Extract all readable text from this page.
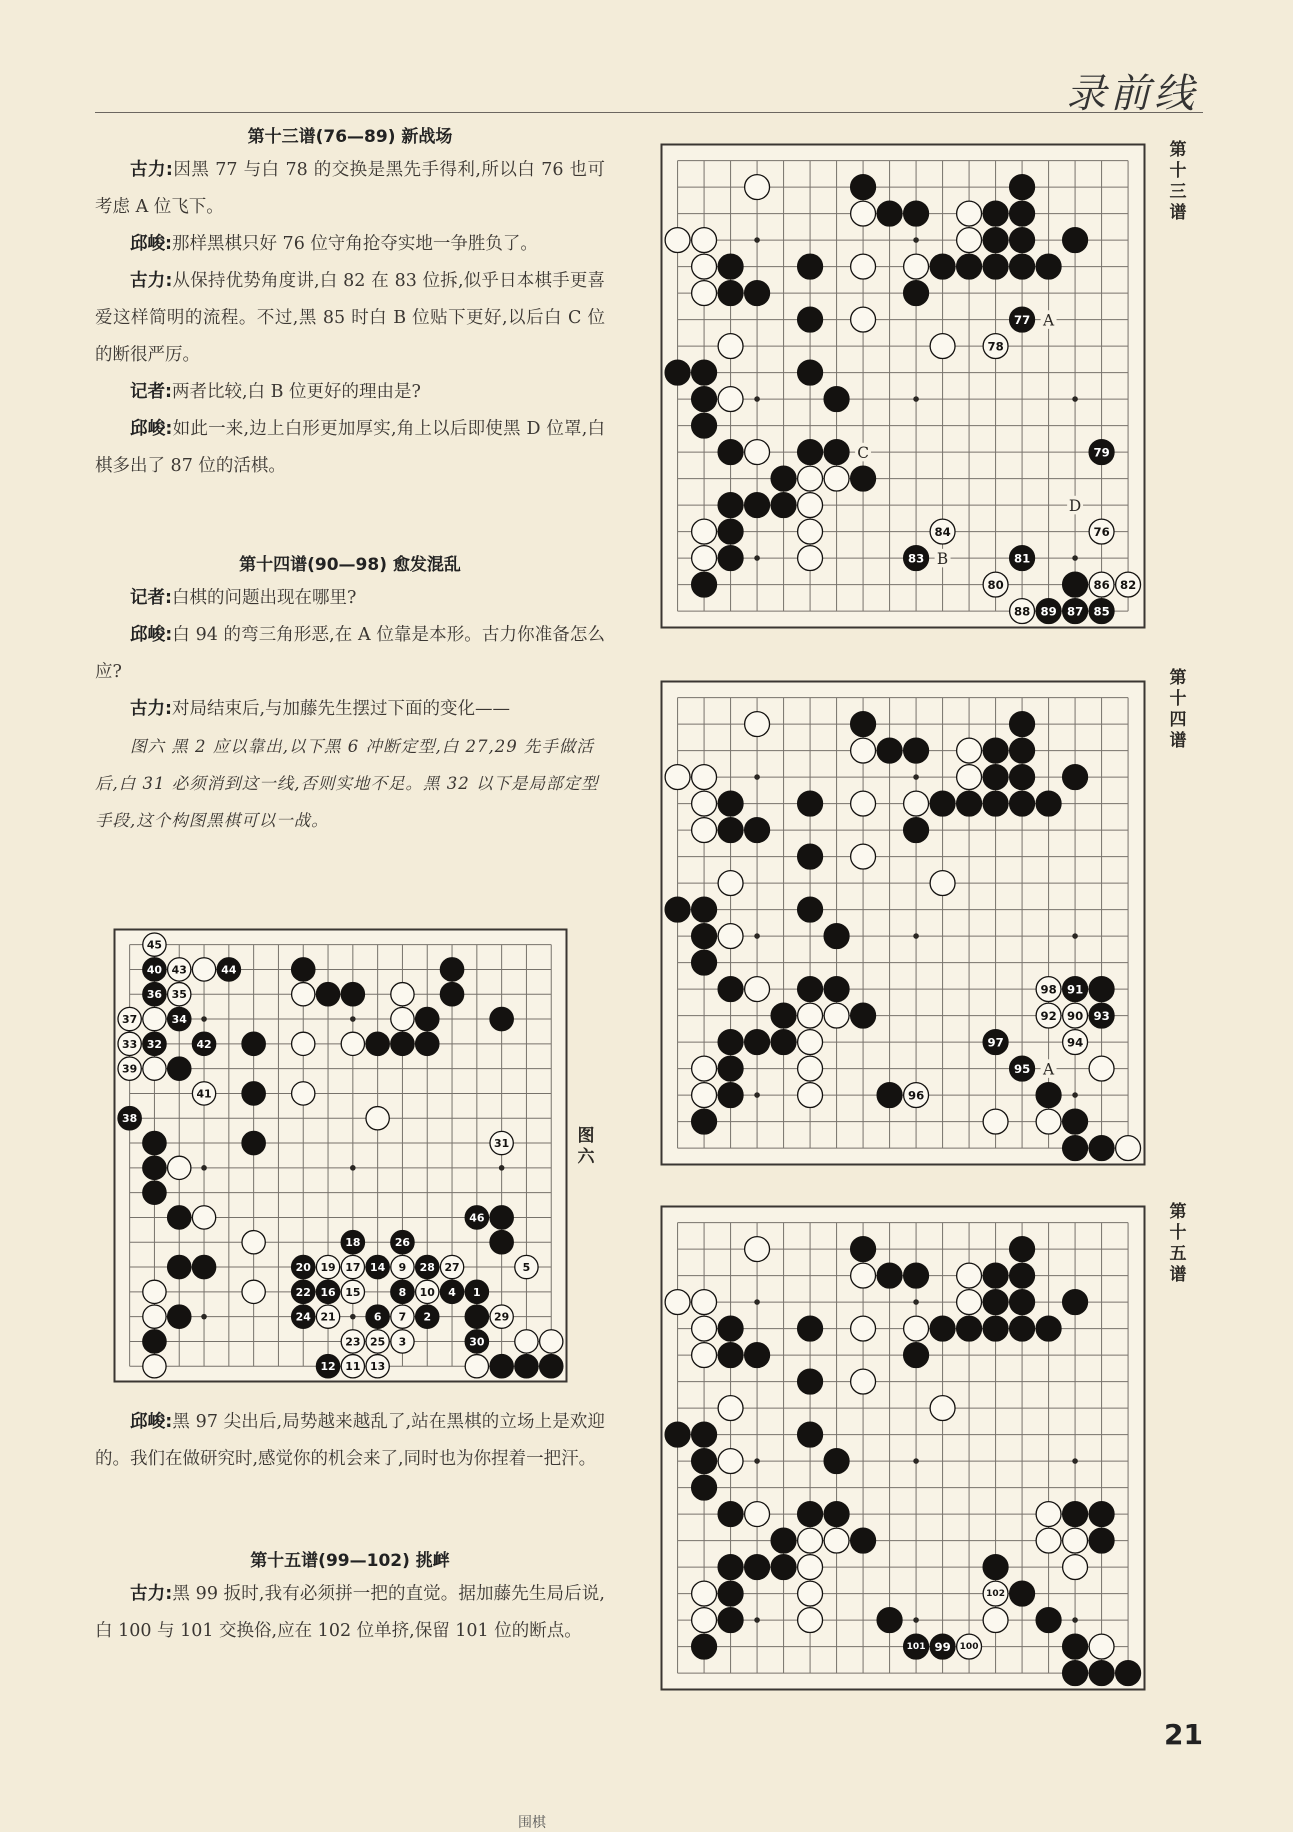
录前线
第十三谱(76—89) 新战场

古力:因黑 77 与白 78 的交换是黑先手得利,所以白 76 也可考虑 A 位飞下。

邱峻:那样黑棋只好 76 位守角抢夺实地一争胜负了。

古力:从保持优势角度讲,白 82 在 83 位拆,似乎日本棋手更喜爱这样简明的流程。不过,黑 85 时白 B 位贴下更好,以后白 C 位的断很严厉。

记者:两者比较,白 B 位更好的理由是?

邱峻:如此一来,边上白形更加厚实,角上以后即使黑 D 位罩,白棋多出了 87 位的活棋。

第十四谱(90—98) 愈发混乱

记者:白棋的问题出现在哪里?

邱峻:白 94 的弯三角形恶,在 A 位靠是本形。古力你准备怎么应?

古力:对局结束后,与加藤先生摆过下面的变化——

图六 黑 2 应以靠出,以下黑 6 冲断定型,白 27,29 先手做活后,白 31 必须消到这一线,否则实地不足。黑 32 以下是局部定型手段,这个构图黑棋可以一战。

45
43
35
37
33
39
41
31
19 17	9	27	5
15	10
21	7	29
23 25 3
11 13
40	44
36
34
32	42
38
46
18	26
20	14	28
22 16	8	4
24	6	2
30
12
1
图六

邱峻:黑 97 尖出后,局势越来越乱了,站在黑棋的立场上是欢迎的。我们在做研究时,感觉你的机会来了,同时也为你捏着一把汗。

第十五谱(99—102) 挑衅

古力:黑 99 扳时,我有必须拼一把的直觉。据加藤先生局后说,白 100 与 101 交换俗,应在 102 位单挤,保留 101 位的断点。

78
76
82
80
84
86
88
77
79
83	81
85
87
89
A
B
C
D
第十三谱
98
92 90
94
96
91
93
97
95 A
第十四谱
102
100
101 99
第十五谱
21
围棋
